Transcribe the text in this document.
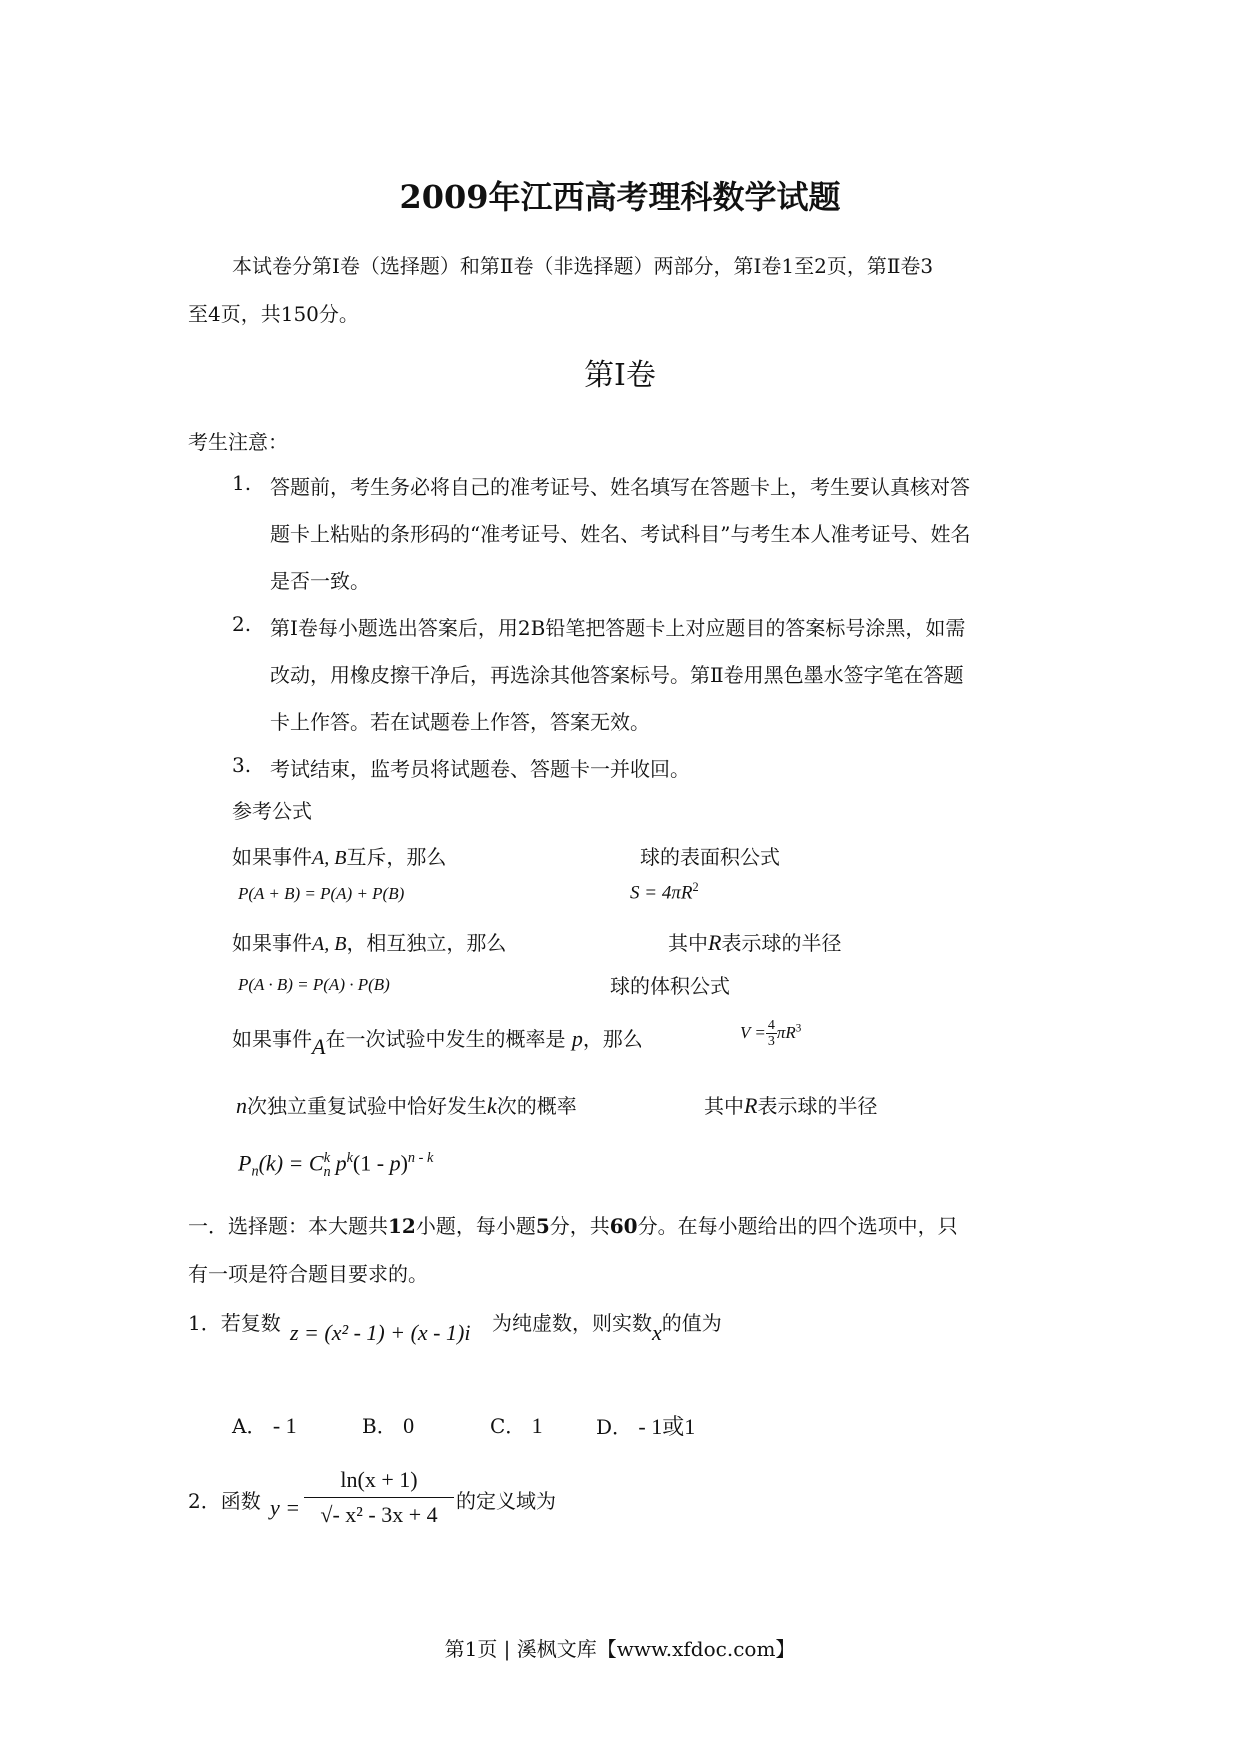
2009年江西高考理科数学试题
本试卷分第Ⅰ卷（选择题）和第Ⅱ卷（非选择题）两部分，第Ⅰ卷1至2页，第Ⅱ卷3
至4页，共150分。
第Ⅰ卷
考生注意：
1. 答题前，考生务必将自己的准考证号、姓名填写在答题卡上，考生要认真核对答
题卡上粘贴的条形码的“准考证号、姓名、考试科目”与考生本人准考证号、姓名
是否一致。
2. 第I卷每小题选出答案后，用2B铅笔把答题卡上对应题目的答案标号涂黑，如需
改动，用橡皮擦干净后，再选涂其他答案标号。第Ⅱ卷用黑色墨水签字笔在答题
卡上作答。若在试题卷上作答，答案无效。
3. 考试结束，监考员将试题卷、答题卡一并收回。
参考公式
如果事件A, B互斥，那么	球的表面积公式
P(A + B) = P(A) + P(B)	$S = 4\pi R^2$
如果事件A, B，相互独立，那么	其中R表示球的半径
P(A · B) = P(A) · P(B)	球的体积公式
如果事件A在一次试验中发生的概率是 p，那么	$V = \frac{4}{3} \pi R^3$
n次独立重复试验中恰好发生k次的概率	其中R表示球的半径
$P_n(k) = C_n^k$ $p^k(1 - p)^{n - k}$
一．选择题：本大题共12小题，每小题5分，共60分。在每小题给出的四个选项中，只
有一项是符合题目要求的。
1．若复数 z = (x² - 1) + (x - 1)i 为纯虚数，则实数x的值为
A． - 1	B． 0	C． 1	D． - 1或1
2．函数 $y = \frac{\ln(x + 1)}{\text{√- x² - 3x + 4}}$ 的定义域为
第1页 | 溪枫文库【www.xfdoc.com】
